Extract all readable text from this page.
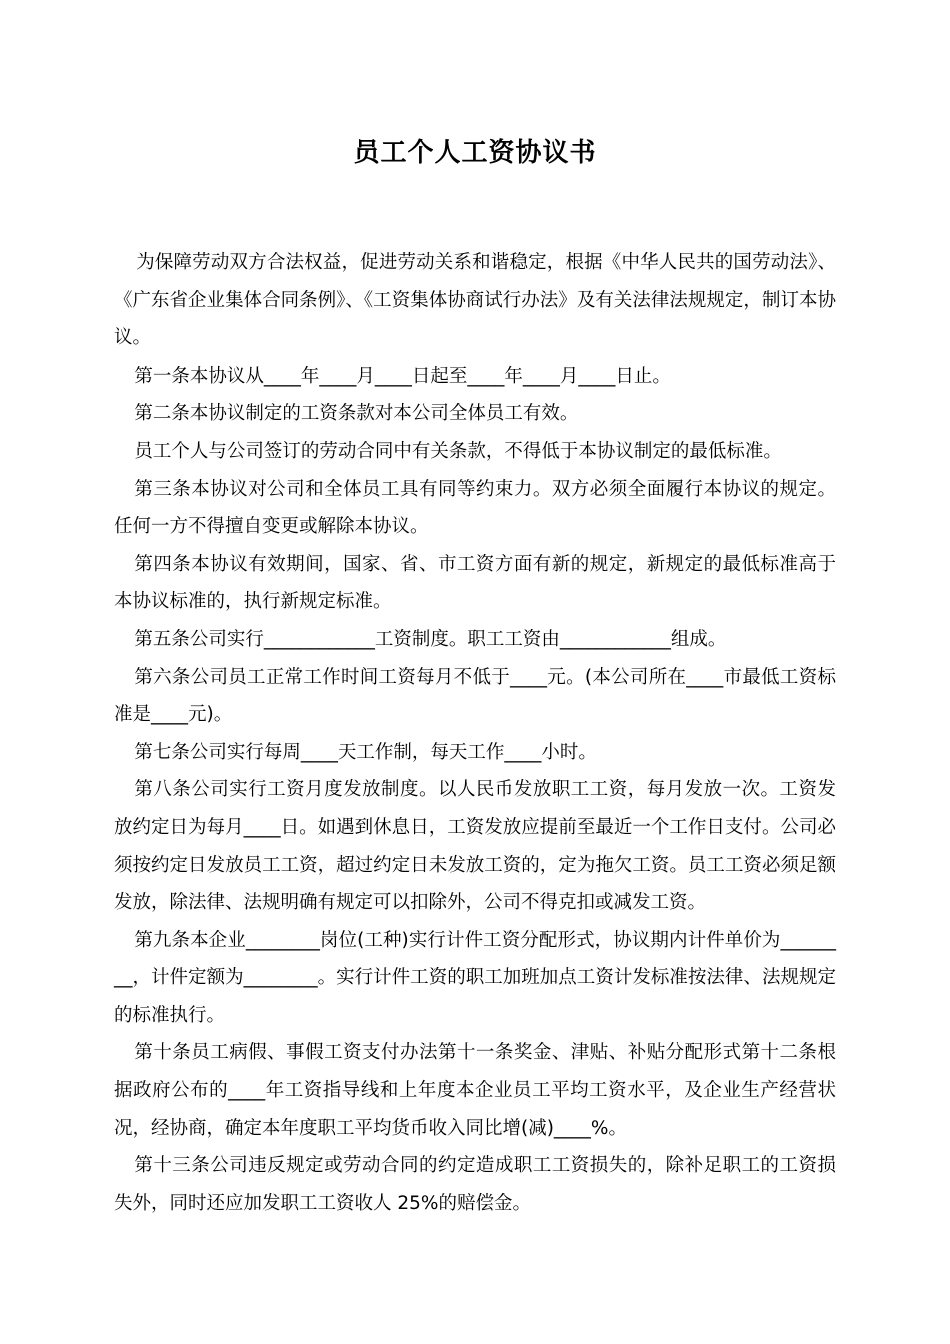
员工个人工资协议书

为保障劳动双方合法权益，促进劳动关系和谐稳定，根据《中华人民共的国劳动法》、《广东省企业集体合同条例》、《工资集体协商试行办法》及有关法律法规规定，制订本协议。

第一条本协议从____年____月____日起至____年____月____日止。

第二条本协议制定的工资条款对本公司全体员工有效。

员工个人与公司签订的劳动合同中有关条款，不得低于本协议制定的最低标准。

第三条本协议对公司和全体员工具有同等约束力。双方必须全面履行本协议的规定。任何一方不得擅自变更或解除本协议。

第四条本协议有效期间，国家、省、市工资方面有新的规定，新规定的最低标准高于本协议标准的，执行新规定标准。

第五条公司实行____________工资制度。职工工资由____________组成。

第六条公司员工正常工作时间工资每月不低于____元。(本公司所在____市最低工资标准是____元)。

第七条公司实行每周____天工作制，每天工作____小时。

第八条公司实行工资月度发放制度。以人民币发放职工工资，每月发放一次。工资发放约定日为每月____日。如遇到休息日，工资发放应提前至最近一个工作日支付。公司必须按约定日发放员工工资，超过约定日未发放工资的，定为拖欠工资。员工工资必须足额发放，除法律、法规明确有规定可以扣除外，公司不得克扣或减发工资。

第九条本企业________岗位(工种)实行计件工资分配形式，协议期内计件单价为________，计件定额为________。实行计件工资的职工加班加点工资计发标准按法律、法规规定的标准执行。

第十条员工病假、事假工资支付办法第十一条奖金、津贴、补贴分配形式第十二条根据政府公布的____年工资指导线和上年度本企业员工平均工资水平，及企业生产经营状况，经协商，确定本年度职工平均货币收入同比增(减)____%。

第十三条公司违反规定或劳动合同的约定造成职工工资损失的，除补足职工的工资损失外，同时还应加发职工工资收人 25%的赔偿金。
